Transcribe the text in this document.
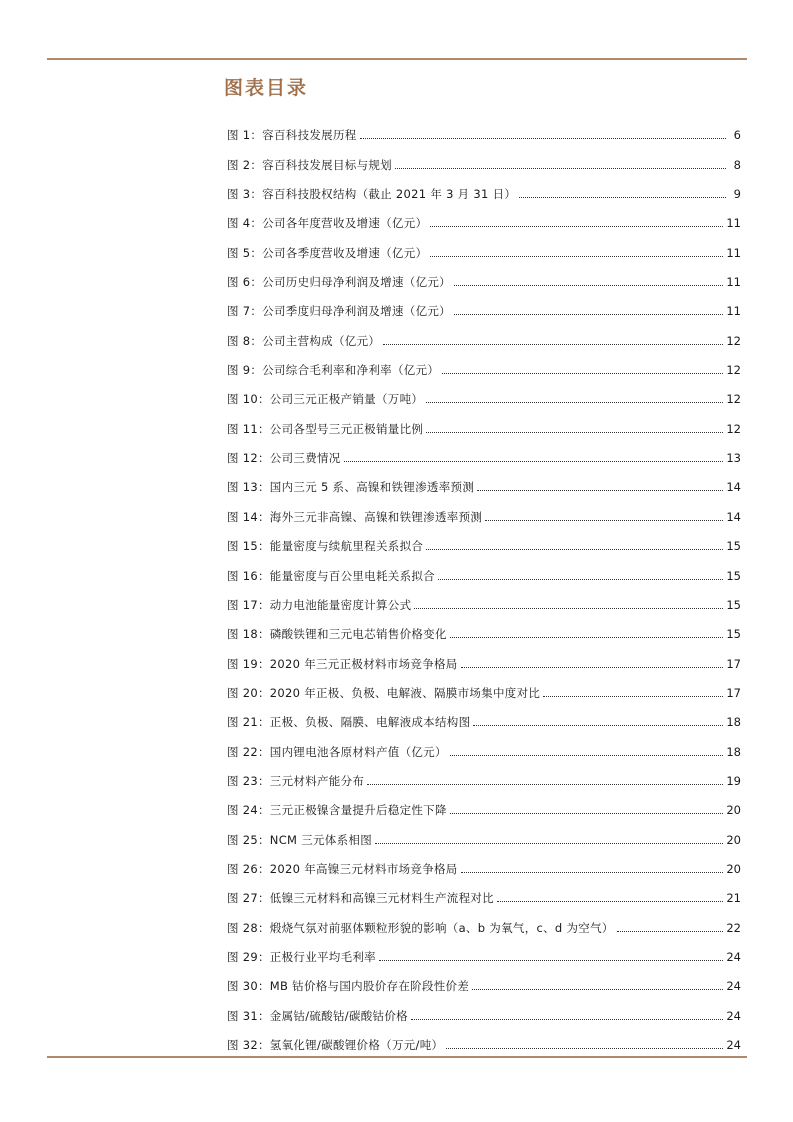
图表目录
图 1：容百科技发展历程	6
图 2：容百科技发展目标与规划	8
图 3：容百科技股权结构（截止 2021 年 3 月 31 日）	9
图 4：公司各年度营收及增速（亿元）	11
图 5：公司各季度营收及增速（亿元）	11
图 6：公司历史归母净利润及增速（亿元）	11
图 7：公司季度归母净利润及增速（亿元）	11
图 8：公司主营构成（亿元）	12
图 9：公司综合毛利率和净利率（亿元）	12
图 10：公司三元正极产销量（万吨）	12
图 11：公司各型号三元正极销量比例	12
图 12：公司三费情况	13
图 13：国内三元 5 系、高镍和铁锂渗透率预测	14
图 14：海外三元非高镍、高镍和铁锂渗透率预测	14
图 15：能量密度与续航里程关系拟合	15
图 16：能量密度与百公里电耗关系拟合	15
图 17：动力电池能量密度计算公式	15
图 18：磷酸铁锂和三元电芯销售价格变化	15
图 19：2020 年三元正极材料市场竞争格局	17
图 20：2020 年正极、负极、电解液、隔膜市场集中度对比	17
图 21：正极、负极、隔膜、电解液成本结构图	18
图 22：国内锂电池各原材料产值（亿元）	18
图 23：三元材料产能分布	19
图 24：三元正极镍含量提升后稳定性下降	20
图 25：NCM 三元体系相图	20
图 26：2020 年高镍三元材料市场竞争格局	20
图 27：低镍三元材料和高镍三元材料生产流程对比	21
图 28：煅烧气氛对前驱体颗粒形貌的影响（a、b 为氧气，c、d 为空气）	22
图 29：正极行业平均毛利率	24
图 30：MB 钴价格与国内股价存在阶段性价差	24
图 31：金属钴/硫酸钴/碳酸钴价格	24
图 32：氢氧化锂/碳酸锂价格（万元/吨）	24
